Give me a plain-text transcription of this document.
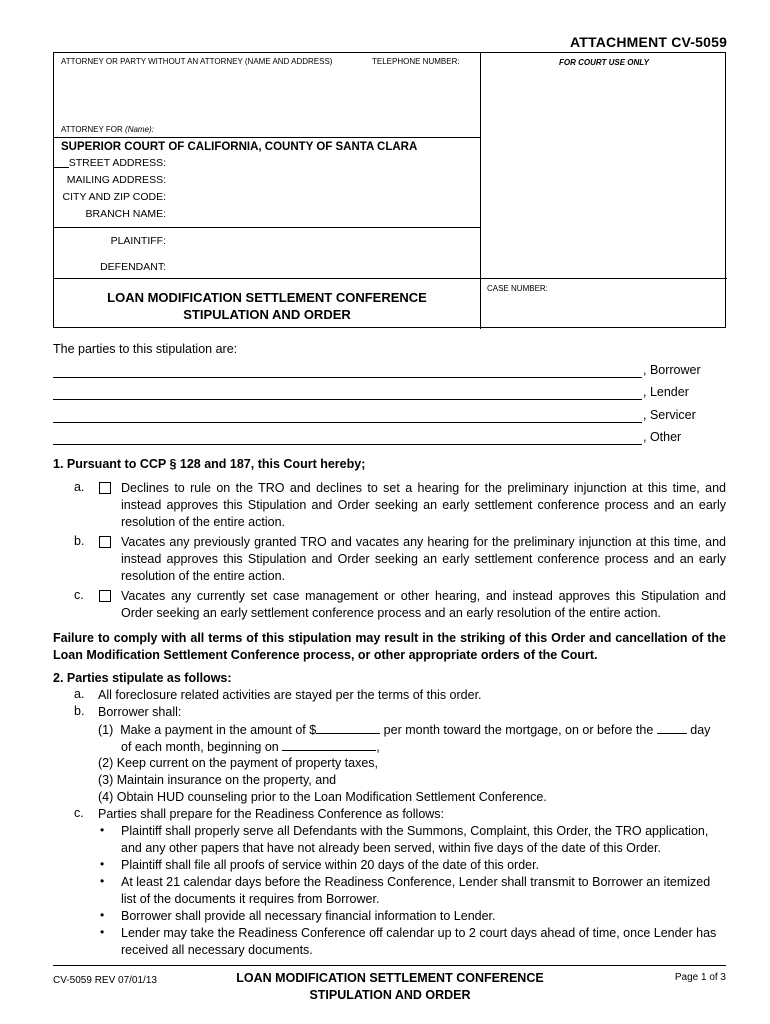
ATTACHMENT CV-5059
ATTORNEY OR PARTY WITHOUT AN ATTORNEY (NAME AND ADDRESS)	TELEPHONE NUMBER:	FOR COURT USE ONLY
ATTORNEY FOR (Name):
SUPERIOR COURT OF CALIFORNIA, COUNTY OF SANTA CLARA
STREET ADDRESS:
MAILING ADDRESS:
CITY AND ZIP CODE:
BRANCH NAME:
PLAINTIFF:
DEFENDANT:
LOAN MODIFICATION SETTLEMENT CONFERENCE
STIPULATION AND ORDER
CASE NUMBER:
The parties to this stipulation are:
, Borrower
, Lender
, Servicer
, Other
1. Pursuant to CCP § 128 and 187, this Court hereby;
a.	Declines to rule on the TRO and declines to set a hearing for the preliminary injunction at this time, and instead approves this Stipulation and Order seeking an early settlement conference process and an early resolution of the entire action.
b.	Vacates any previously granted TRO and vacates any hearing for the preliminary injunction at this time, and instead approves this Stipulation and Order seeking an early settlement conference process and an early resolution of the entire action.
c.	Vacates any currently set case management or other hearing, and instead approves this Stipulation and Order seeking an early settlement conference process and an early resolution of the entire action.
Failure to comply with all terms of this stipulation may result in the striking of this Order and cancellation of the Loan Modification Settlement Conference process, or other appropriate orders of the Court.
2. Parties stipulate as follows:
a. All foreclosure related activities are stayed per the terms of this order.
b. Borrower shall:
(1) Make a payment in the amount of $	per month toward the mortgage, on or before the	day
of each month, beginning on	,
(2) Keep current on the payment of property taxes,
(3) Maintain insurance on the property, and
(4) Obtain HUD counseling prior to the Loan Modification Settlement Conference.
c. Parties shall prepare for the Readiness Conference as follows:
• Plaintiff shall properly serve all Defendants with the Summons, Complaint, this Order, the TRO application, and any other papers that have not already been served, within five days of the date of this Order.
• Plaintiff shall file all proofs of service within 20 days of the date of this order.
• At least 21 calendar days before the Readiness Conference, Lender shall transmit to Borrower an itemized list of the documents it requires from Borrower.
• Borrower shall provide all necessary financial information to Lender.
• Lender may take the Readiness Conference off calendar up to 2 court days ahead of time, once Lender has received all necessary documents.
CV-5059 REV 07/01/13	LOAN MODIFICATION SETTLEMENT CONFERENCE
STIPULATION AND ORDER
Page 1 of 3
